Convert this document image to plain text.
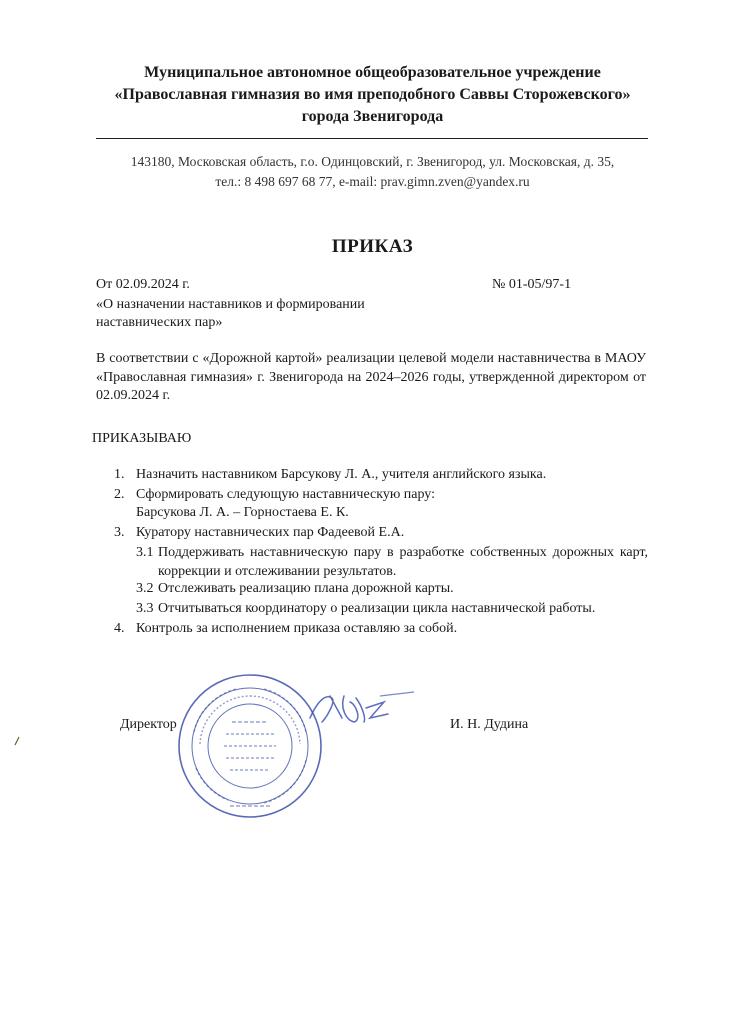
Муниципальное автономное общеобразовательное учреждение
«Православная гимназия во имя преподобного Саввы Сторожевского»
города Звенигорода
143180, Московская область, г.о. Одинцовский, г. Звенигород, ул. Московская, д. 35,
тел.: 8 498 697 68 77, e-mail: prav.gimn.zven@yandex.ru
ПРИКАЗ
От 02.09.2024 г.	№ 01-05/97-1
«О назначении наставников и формировании
наставнических пар»
В соответствии с «Дорожной картой» реализации целевой модели наставничества в МАОУ «Православная гимназия» г. Звенигорода на 2024–2026 годы, утвержденной директором от 02.09.2024 г.
ПРИКАЗЫВАЮ
1. Назначить наставником Барсукову Л. А., учителя английского языка.
2. Сформировать следующую наставническую пару:
Барсукова Л. А. – Горностаева Е. К.
3. Куратору наставнических пар Фадеевой Е.А.
3.1 Поддерживать наставническую пару в разработке собственных дорожных карт, коррекции и отслеживании результатов.
3.2 Отслеживать реализацию плана дорожной карты.
3.3 Отчитываться координатору о реализации цикла наставнической работы.
4. Контроль за исполнением приказа оставляю за собой.
Директор	И. Н. Дудина
